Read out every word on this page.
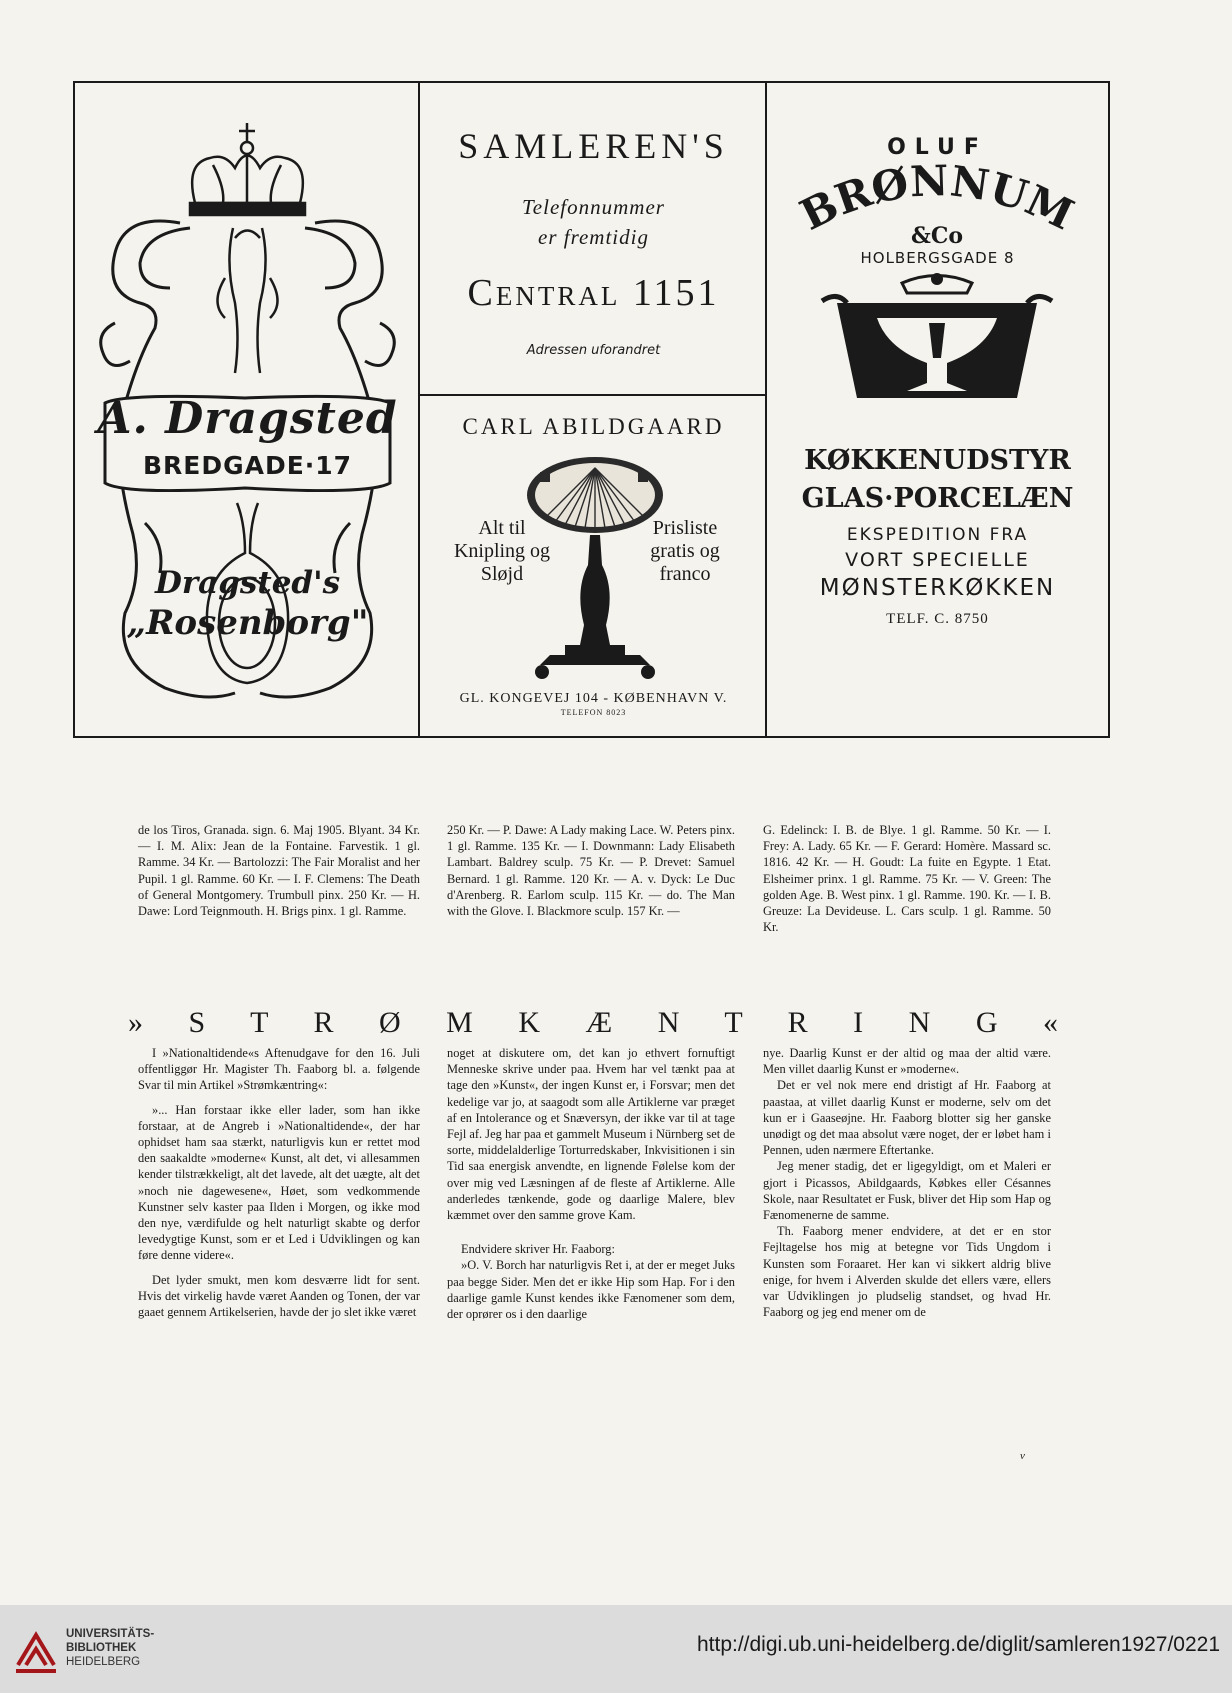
A. Dragsted
BREDGADE·17
Dragsted's
„Rosenborg"
SAMLEREN'S
Telefonnummer
er fremtidig
Central 1151
Adressen uforandret
CARL ABILDGAARD
Alt til
Knipling og
Sløjd
Prisliste
gratis og
franco
GL. KONGEVEJ 104 - KØBENHAVN V.
TELEFON 8023
OLUF
BRØNNUM
&Co
HOLBERGSGADE 8
KØKKENUDSTYR
GLAS·PORCELÆN
EKSPEDITION FRA
VORT SPECIELLE
MØNSTERKØKKEN
TELF. C. 8750

de los Tiros, Granada. sign. 6. Maj 1905. Blyant. 34 Kr. — I. M. Alix: Jean de la Fontaine. Farvestik. 1 gl. Ramme. 34 Kr. — Bartolozzi: The Fair Moralist and her Pupil. 1 gl. Ramme. 60 Kr. — I. F. Clemens: The Death of General Montgomery. Trumbull pinx. 250 Kr. — H. Dawe: Lord Teignmouth. H. Brigs pinx. 1 gl. Ramme.

250 Kr. — P. Dawe: A Lady making Lace. W. Peters pinx. 1 gl. Ramme. 135 Kr. — I. Downmann: Lady Elisabeth Lambart. Baldrey sculp. 75 Kr. — P. Drevet: Samuel Bernard. 1 gl. Ramme. 120 Kr. — A. v. Dyck: Le Duc d'Arenberg. R. Earlom sculp. 115 Kr. — do. The Man with the Glove. I. Blackmore sculp. 157 Kr. —

G. Edelinck: I. B. de Blye. 1 gl. Ramme. 50 Kr. — I. Frey: A. Lady. 65 Kr. — F. Gerard: Homère. Massard sc. 1816. 42 Kr. — H. Goudt: La fuite en Egypte. 1 Etat. Elsheimer prinx. 1 gl. Ramme. 75 Kr. — V. Green: The golden Age. B. West pinx. 1 gl. Ramme. 190. Kr. — I. B. Greuze: La Devideuse. L. Cars sculp. 1 gl. Ramme. 50 Kr.

» S T R Ø M K Æ N T R I N G «

I »Nationaltidende«s Aftenudgave for den 16. Juli offentliggør Hr. Magister Th. Faaborg bl. a. følgende Svar til min Artikel »Strømkæntring«:

»... Han forstaar ikke eller lader, som han ikke forstaar, at de Angreb i »Nationaltidende«, der har ophidset ham saa stærkt, naturligvis kun er rettet mod den saakaldte »moderne« Kunst, alt det, vi allesammen kender tilstrækkeligt, alt det lavede, alt det uægte, alt det »noch nie dagewesene«, Høet, som vedkommende Kunstner selv kaster paa Ilden i Morgen, og ikke mod den nye, værdifulde og helt naturligt skabte og derfor levedygtige Kunst, som er et Led i Udviklingen og kan føre denne videre«.

Det lyder smukt, men kom desværre lidt for sent. Hvis det virkelig havde været Aanden og Tonen, der var gaaet gennem Artikelserien, havde der jo slet ikke været

noget at diskutere om, det kan jo ethvert fornuftigt Menneske skrive under paa. Hvem har vel tænkt paa at tage den »Kunst«, der ingen Kunst er, i Forsvar; men det kedelige var jo, at saagodt som alle Artiklerne var præget af en Intolerance og et Snæversyn, der ikke var til at tage Fejl af. Jeg har paa et gammelt Museum i Nürnberg set de sorte, middelalderlige Torturredskaber, Inkvisitionen i sin Tid saa energisk anvendte, en lignende Følelse kom der over mig ved Læsningen af de fleste af Artiklerne. Alle anderledes tænkende, gode og daarlige Malere, blev kæmmet over den samme grove Kam.

Endvidere skriver Hr. Faaborg:

»O. V. Borch har naturligvis Ret i, at der er meget Juks paa begge Sider. Men det er ikke Hip som Hap. For i den daarlige gamle Kunst kendes ikke Fænomener som dem, der oprører os i den daarlige

nye. Daarlig Kunst er der altid og maa der altid være. Men villet daarlig Kunst er »moderne«.

Det er vel nok mere end dristigt af Hr. Faaborg at paastaa, at villet daarlig Kunst er moderne, selv om det kun er i Gaaseøjne. Hr. Faaborg blotter sig her ganske unødigt og det maa absolut være noget, der er løbet ham i Pennen, uden nærmere Eftertanke.

Jeg mener stadig, det er ligegyldigt, om et Maleri er gjort i Picassos, Abildgaards, Købkes eller Césannes Skole, naar Resultatet er Fusk, bliver det Hip som Hap og Fænomenerne de samme.

Th. Faaborg mener endvidere, at det er en stor Fejltagelse hos mig at betegne vor Tids Ungdom i Kunsten som Foraaret. Her kan vi sikkert aldrig blive enige, for hvem i Alverden skulde det ellers være, ellers var Udviklingen jo pludselig standset, og hvad Hr. Faaborg og jeg end mener om de

v
UNIVERSITÄTS-
BIBLIOTHEK
HEIDELBERG
http://digi.ub.uni-heidelberg.de/diglit/samleren1927/0221
